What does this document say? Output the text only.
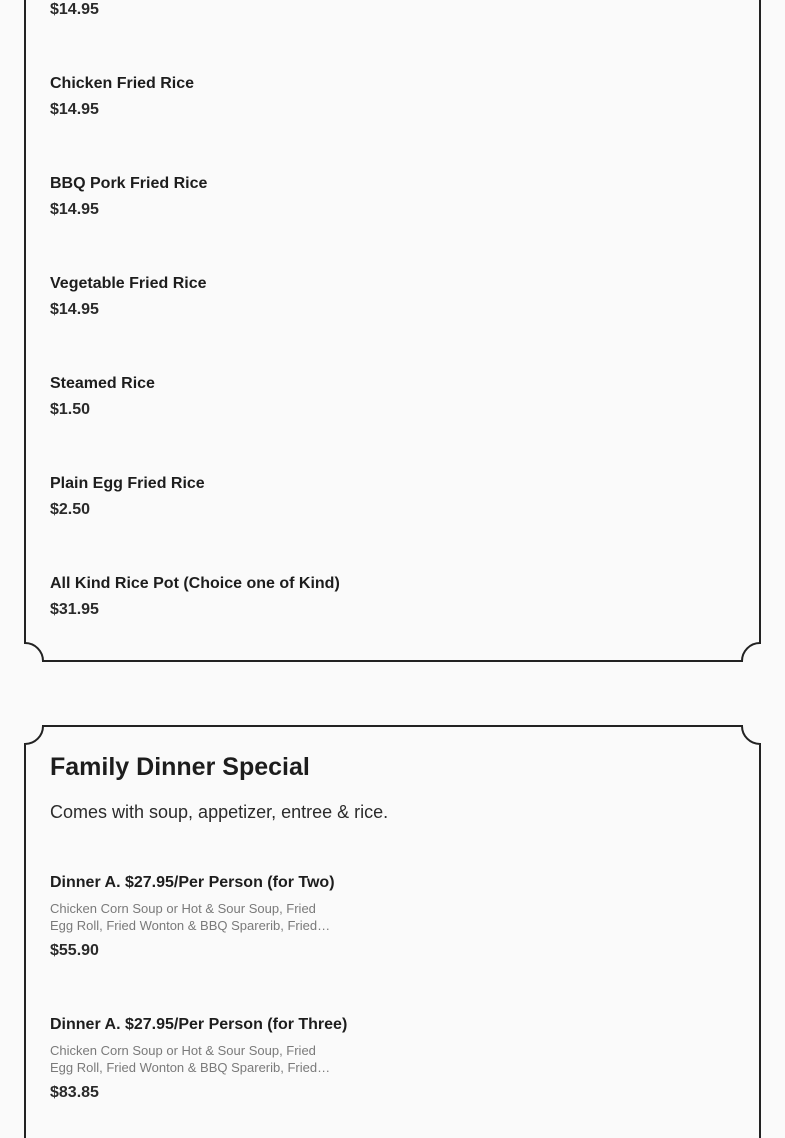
$14.95
Chicken Fried Rice
$14.95
BBQ Pork Fried Rice
$14.95
Vegetable Fried Rice
$14.95
Steamed Rice
$1.50
Plain Egg Fried Rice
$2.50
All Kind Rice Pot (Choice one of Kind)
$31.95
Family Dinner Special
Comes with soup, appetizer, entree & rice.
Dinner A. $27.95/Per Person (for Two)
Chicken Corn Soup or Hot & Sour Soup, Fried Egg Roll, Fried Wonton & BBQ Sparerib, Fried
$55.90
Dinner A. $27.95/Per Person (for Three)
Chicken Corn Soup or Hot & Sour Soup, Fried Egg Roll, Fried Wonton & BBQ Sparerib, Fried
$83.85
